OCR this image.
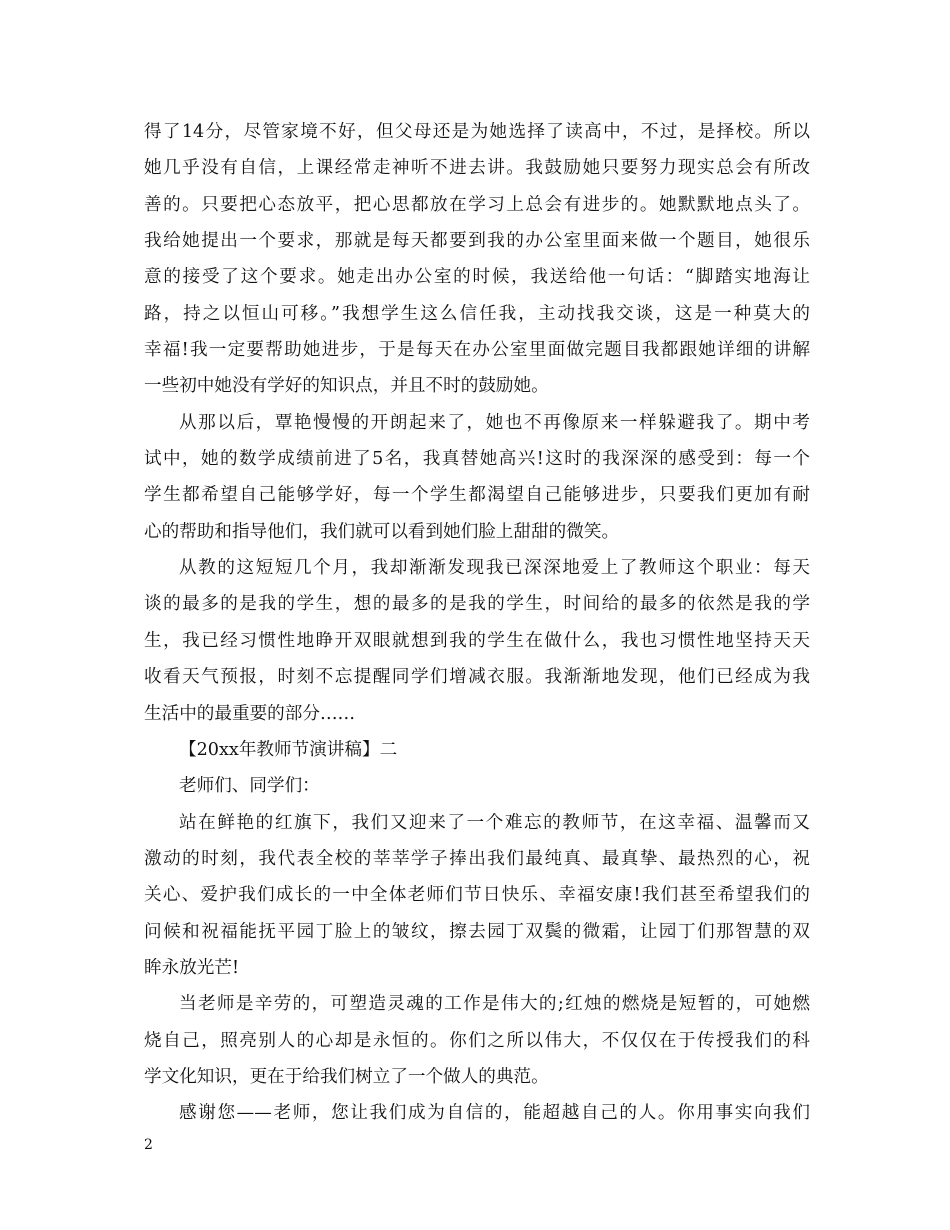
得了14分，尽管家境不好，但父母还是为她选择了读高中，不过，是择校。所以
她几乎没有自信，上课经常走神听不进去讲。我鼓励她只要努力现实总会有所改
善的。只要把心态放平，把心思都放在学习上总会有进步的。她默默地点头了。
我给她提出一个要求，那就是每天都要到我的办公室里面来做一个题目，她很乐
意的接受了这个要求。她走出办公室的时候，我送给他一句话：“脚踏实地海让
路，持之以恒山可移。”我想学生这么信任我，主动找我交谈，这是一种莫大的
幸福!我一定要帮助她进步，于是每天在办公室里面做完题目我都跟她详细的讲解
一些初中她没有学好的知识点，并且不时的鼓励她。
从那以后，覃艳慢慢的开朗起来了，她也不再像原来一样躲避我了。期中考
试中，她的数学成绩前进了5名，我真替她高兴!这时的我深深的感受到：每一个
学生都希望自己能够学好，每一个学生都渴望自己能够进步，只要我们更加有耐
心的帮助和指导他们，我们就可以看到她们脸上甜甜的微笑。
从教的这短短几个月，我却渐渐发现我已深深地爱上了教师这个职业：每天
谈的最多的是我的学生，想的最多的是我的学生，时间给的最多的依然是我的学
生，我已经习惯性地睁开双眼就想到我的学生在做什么，我也习惯性地坚持天天
收看天气预报，时刻不忘提醒同学们增减衣服。我渐渐地发现，他们已经成为我
生活中的最重要的部分……
【20xx年教师节演讲稿】二
老师们、同学们：
站在鲜艳的红旗下，我们又迎来了一个难忘的教师节，在这幸福、温馨而又
激动的时刻，我代表全校的莘莘学子捧出我们最纯真、最真挚、最热烈的心，祝
关心、爱护我们成长的一中全体老师们节日快乐、幸福安康!我们甚至希望我们的
问候和祝福能抚平园丁脸上的皱纹，擦去园丁双鬓的微霜，让园丁们那智慧的双
眸永放光芒!
当老师是辛劳的，可塑造灵魂的工作是伟大的;红烛的燃烧是短暂的，可她燃
烧自己，照亮别人的心却是永恒的。你们之所以伟大，不仅仅在于传授我们的科
学文化知识，更在于给我们树立了一个做人的典范。
感谢您——老师，您让我们成为自信的，能超越自己的人。你用事实向我们
2
